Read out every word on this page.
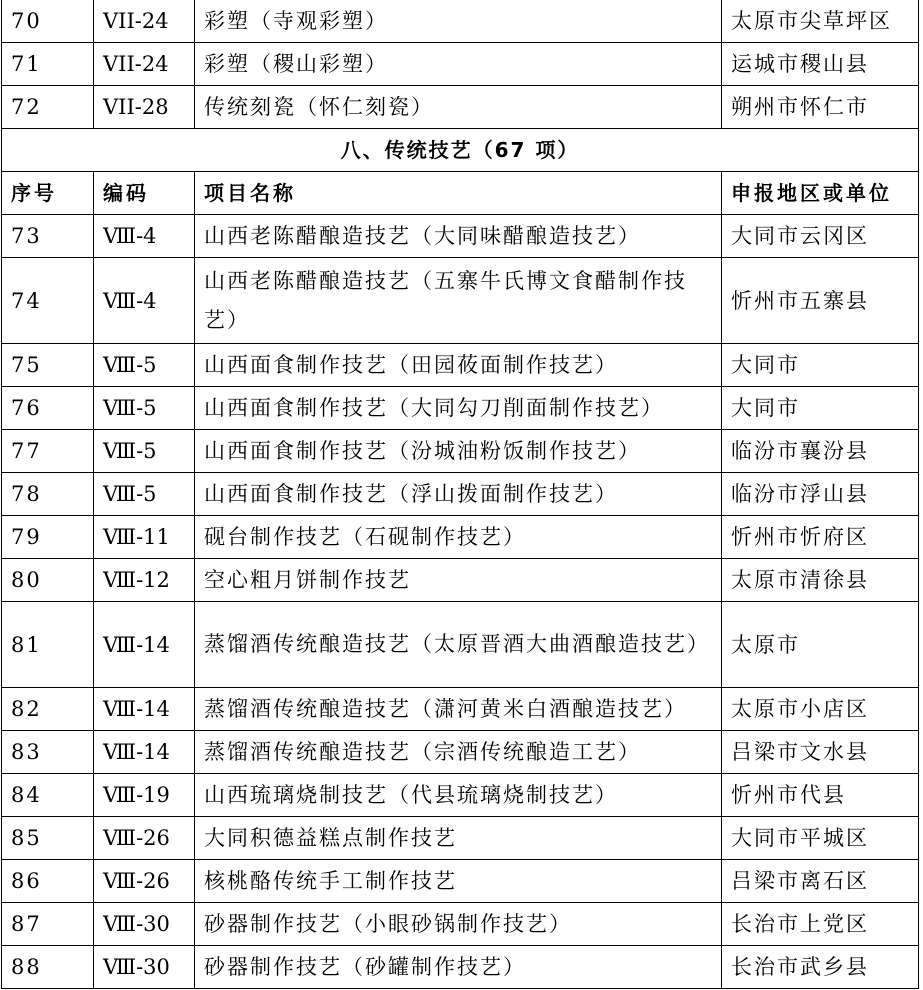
70	VII-24	彩塑（寺观彩塑）	太原市尖草坪区
71	VII-24	彩塑（稷山彩塑）	运城市稷山县
72	VII-28	传统刻瓷（怀仁刻瓷）	朔州市怀仁市
八、传统技艺（67 项）			
序号	编码	项目名称	申报地区或单位
73	Ⅷ-4	山西老陈醋酿造技艺（大同味醋酿造技艺）	大同市云冈区
74	Ⅷ-4	山西老陈醋酿造技艺（五寨牛氏博文食醋制作技艺）	忻州市五寨县
75	Ⅷ-5	山西面食制作技艺（田园莜面制作技艺）	大同市
76	Ⅷ-5	山西面食制作技艺（大同勾刀削面制作技艺）	大同市
77	Ⅷ-5	山西面食制作技艺（汾城油粉饭制作技艺）	临汾市襄汾县
78	Ⅷ-5	山西面食制作技艺（浮山拨面制作技艺）	临汾市浮山县
79	Ⅷ-11	砚台制作技艺（石砚制作技艺）	忻州市忻府区
80	Ⅷ-12	空心粗月饼制作技艺	太原市清徐县
81	Ⅷ-14	蒸馏酒传统酿造技艺（太原晋酒大曲酒酿造技艺）	太原市
82	Ⅷ-14	蒸馏酒传统酿造技艺（潇河黄米白酒酿造技艺）	太原市小店区
83	Ⅷ-14	蒸馏酒传统酿造技艺（宗酒传统酿造工艺）	吕梁市文水县
84	Ⅷ-19	山西琉璃烧制技艺（代县琉璃烧制技艺）	忻州市代县
85	Ⅷ-26	大同积德益糕点制作技艺	大同市平城区
86	Ⅷ-26	核桃酪传统手工制作技艺	吕梁市离石区
87	Ⅷ-30	砂器制作技艺（小眼砂锅制作技艺）	长治市上党区
88	Ⅷ-30	砂器制作技艺（砂罐制作技艺）	长治市武乡县
